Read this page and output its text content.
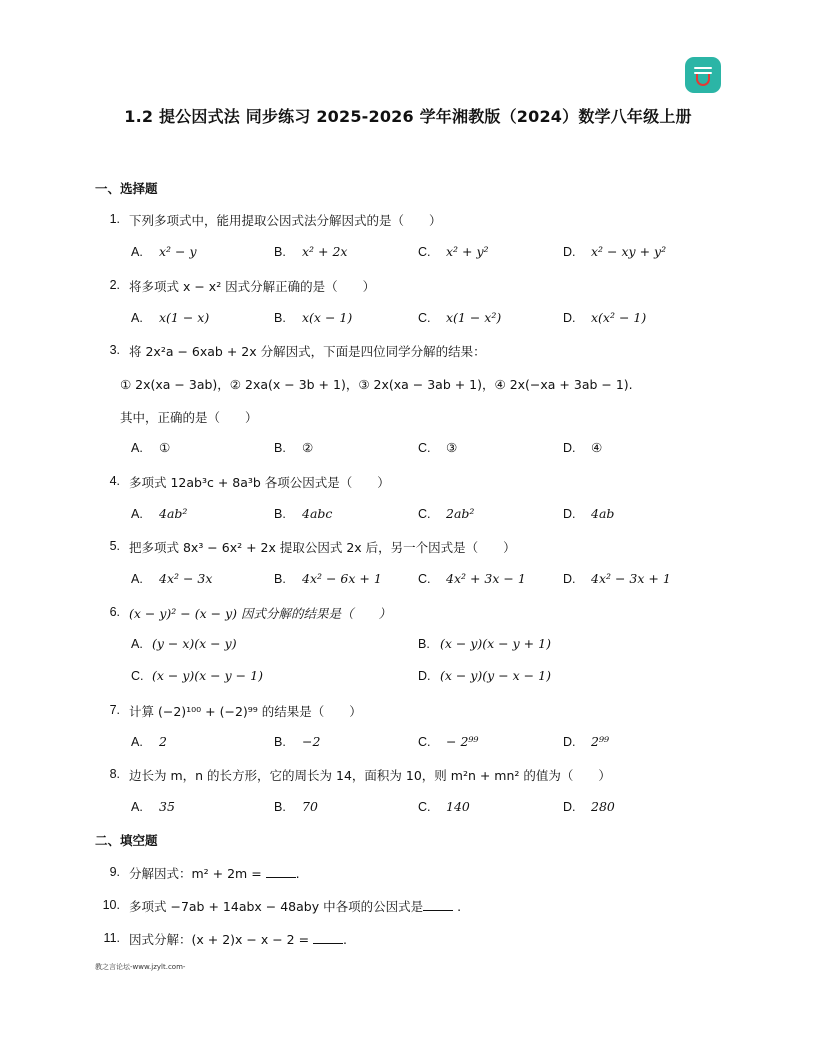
1.2 提公因式法 同步练习 2025-2026 学年湘教版（2024）数学八年级上册
一、选择题
1. 下列多项式中，能用提取公因式法分解因式的是（　　）
A. x² − y	B. x² + 2x	C. x² + y²	D. x² − xy + y²
2. 将多项式 x − x² 因式分解正确的是（　　）
A. x(1 − x)	B. x(x − 1)	C. x(1 − x²)	D. x(x² − 1)
3. 将 2x²a − 6xab + 2x 分解因式，下面是四位同学分解的结果：
① 2x(xa − 3ab)，② 2xa(x − 3b + 1)，③ 2x(xa − 3ab + 1)，④ 2x(−xa + 3ab − 1).
其中，正确的是（　　）
A. ①	B. ②	C. ③	D. ④
4. 多项式 12ab³c + 8a³b 各项公因式是（　　）
A. 4ab²	B. 4abc	C. 2ab²	D. 4ab
5. 把多项式 8x³ − 6x² + 2x 提取公因式 2x 后，另一个因式是（　　）
A. 4x² − 3x	B. 4x² − 6x + 1	C. 4x² + 3x − 1	D. 4x² − 3x + 1
6. (x − y)² − (x − y) 因式分解的结果是（　　）
A. (y − x)(x − y)	B. (x − y)(x − y + 1)
C. (x − y)(x − y − 1)	D. (x − y)(y − x − 1)
7. 计算 (−2)¹⁰⁰ + (−2)⁹⁹ 的结果是（　　）
A. 2	B. −2	C. − 2⁹⁹	D. 2⁹⁹
8. 边长为 m，n 的长方形，它的周长为 14，面积为 10，则 m²n + mn² 的值为（　　）
A. 35	B. 70	C. 140	D. 280
二、填空题
9. 分解因式：m² + 2m = .
10. 多项式 −7ab + 14abx − 48aby 中各项的公因式是 .
11. 因式分解：(x + 2)x − x − 2 = .
教之言论坛-www.jzylt.com-
